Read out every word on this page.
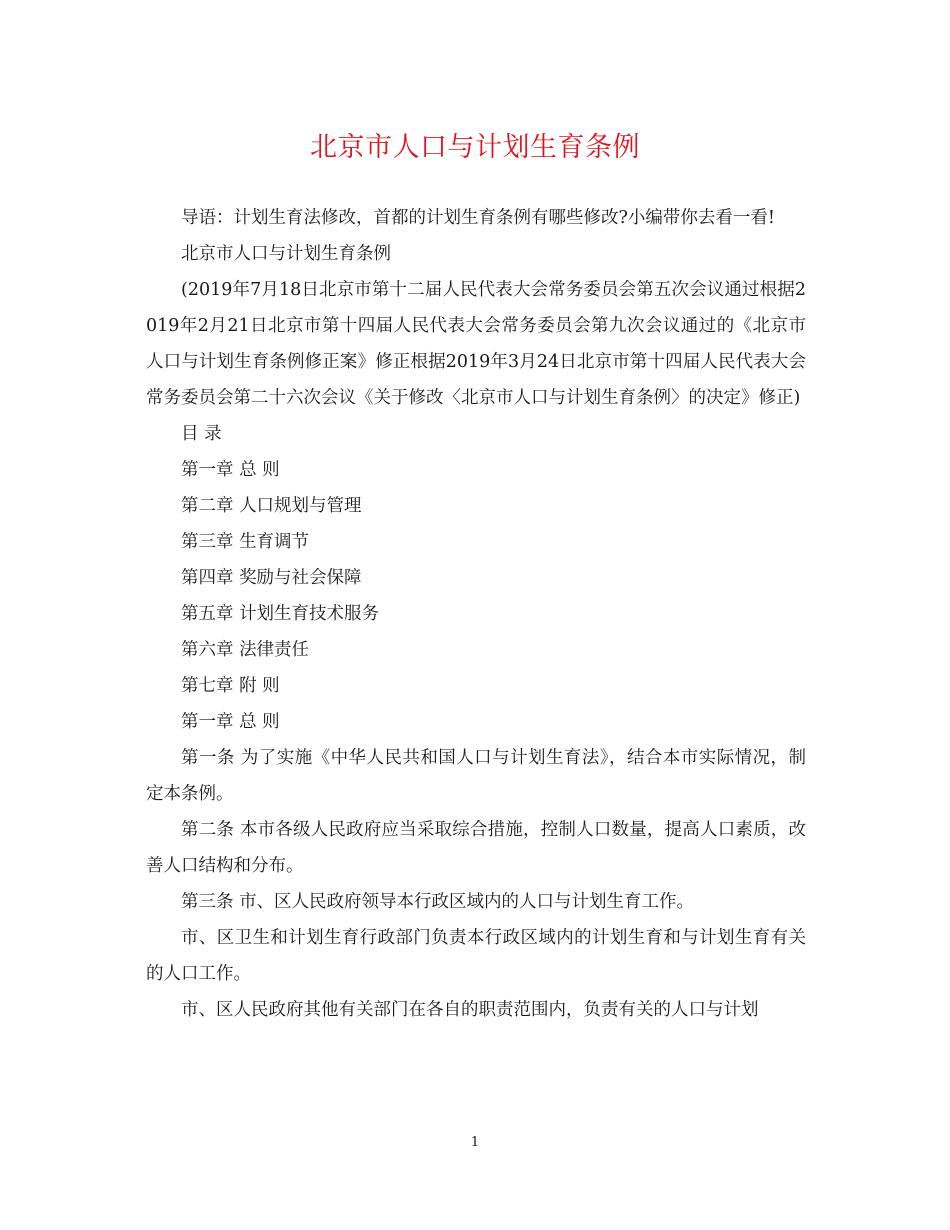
北京市人口与计划生育条例

导语：计划生育法修改，首都的计划生育条例有哪些修改?小编带你去看一看!

北京市人口与计划生育条例

(2019年7月18日北京市第十二届人民代表大会常务委员会第五次会议通过根据2019年2月21日北京市第十四届人民代表大会常务委员会第九次会议通过的《北京市人口与计划生育条例修正案》修正根据2019年3月24日北京市第十四届人民代表大会常务委员会第二十六次会议《关于修改〈北京市人口与计划生育条例〉的决定》修正)

目 录

第一章 总 则

第二章 人口规划与管理

第三章 生育调节

第四章 奖励与社会保障

第五章 计划生育技术服务

第六章 法律责任

第七章 附 则

第一章 总 则

第一条 为了实施《中华人民共和国人口与计划生育法》，结合本市实际情况，制定本条例。

第二条 本市各级人民政府应当采取综合措施，控制人口数量，提高人口素质，改善人口结构和分布。

第三条 市、区人民政府领导本行政区域内的人口与计划生育工作。

市、区卫生和计划生育行政部门负责本行政区域内的计划生育和与计划生育有关的人口工作。

市、区人民政府其他有关部门在各自的职责范围内，负责有关的人口与计划

1
